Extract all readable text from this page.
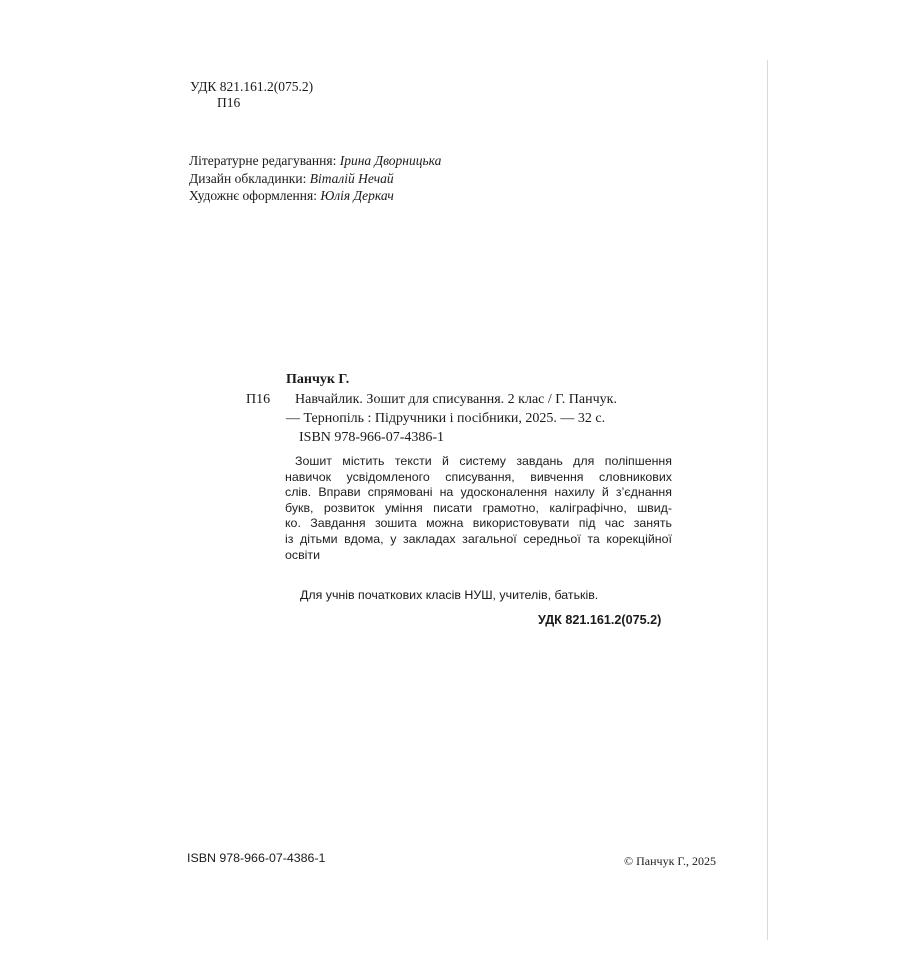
УДК 821.161.2(075.2)
П16
Літературне редагування: Ірина Дворницька
Дизайн обкладинки: Віталій Нечай
Художнє оформлення: Юлія Деркач
Панчук Г.
П16 Навчайлик. Зошит для списування. 2 клас / Г. Панчук.
— Тернопіль : Підручники і посібники, 2025. — 32 с.
ISBN 978-966-07-4386-1
Зошит містить тексти й систему завдань для поліпшення
навичок усвідомленого списування, вивчення словникових
слів. Вправи спрямовані на удосконалення нахилу й з’єднання
букв, розвиток уміння писати грамотно, каліграфічно, швид-
ко. Завдання зошита можна використовувати під час занять
із дітьми вдома, у закладах загальної середньої та корекційної
освіти
Для учнів початкових класів НУШ, учителів, батьків.
УДК 821.161.2(075.2)
ISBN 978-966-07-4386-1	© Панчук Г., 2025
